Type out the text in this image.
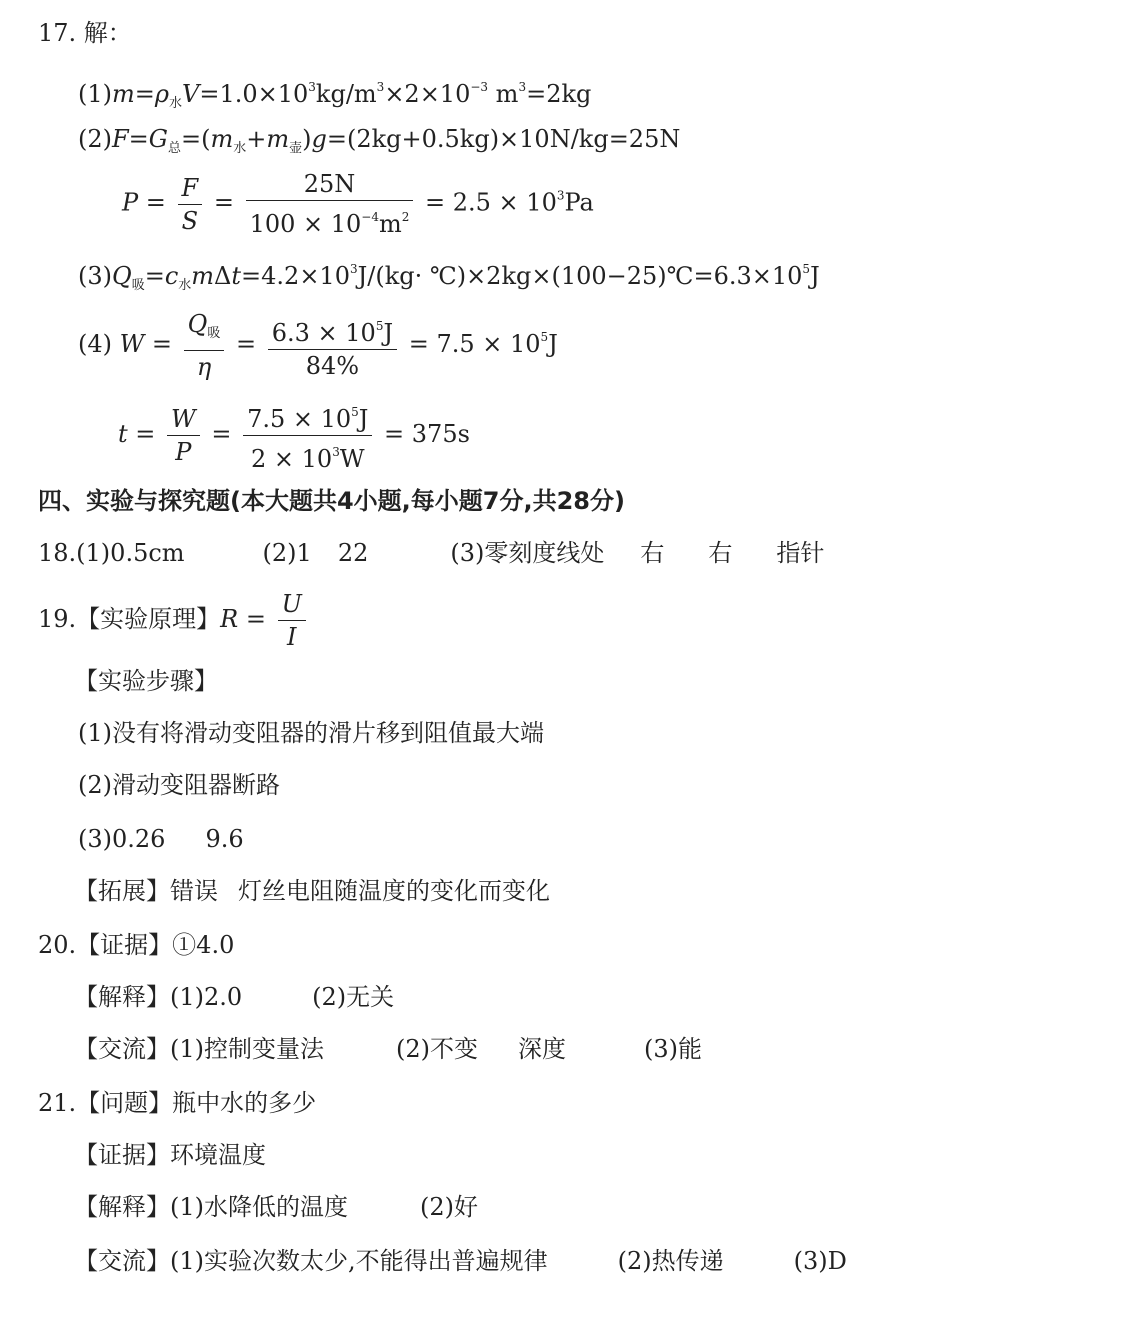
17. 解：
$(1)m=\rho_水V=1.0\times 10^3kg/m^3\times 2\times 10^{-3}$ $m^3=2kg$
$(2)F=G_总=(m_水+m_壶)g=(2kg+0.5kg)\times 10N/kg=25N$
$P = \frac{F}{S} = \frac{25N}{100 \times 10^{-4}m^2} = 2.5 \times 10^3Pa$
$(3)Q_吸=c_水m\Delta t=4.2\times 10^3J/(kg\cdot$ $℃)\times 2kg\times(100-25)℃=6.3\times 10^5J$
(4) $W = \frac{Q_吸}{\eta} = \frac{6.3 \times 10^5J}{84\%} = 7.5 \times 10^5J$
$t = \frac{W}{P} = \frac{7.5 \times 10^5J}{2 \times 10^3W} = 375s$
四、实验与探究题(本大题共4小题,每小题7分,共28分)
18.(1)0.5cm	(2)1 22	(3)零刻度线处 右 右 指针
19.【实验原理】$R = \frac{U}{I}$
【实验步骤】
(1)没有将滑动变阻器的滑片移到阻值最大端
(2)滑动变阻器断路
(3)0.26 9.6
【拓展】错误 灯丝电阻随温度的变化而变化
20.【证据】①4.0
【解释】(1)2.0	(2)无关
【交流】(1)控制变量法	(2)不变 深度	(3)能
21.【问题】瓶中水的多少
【证据】环境温度
【解释】(1)水降低的温度	(2)好
【交流】(1)实验次数太少,不能得出普遍规律	(2)热传递	(3)D
